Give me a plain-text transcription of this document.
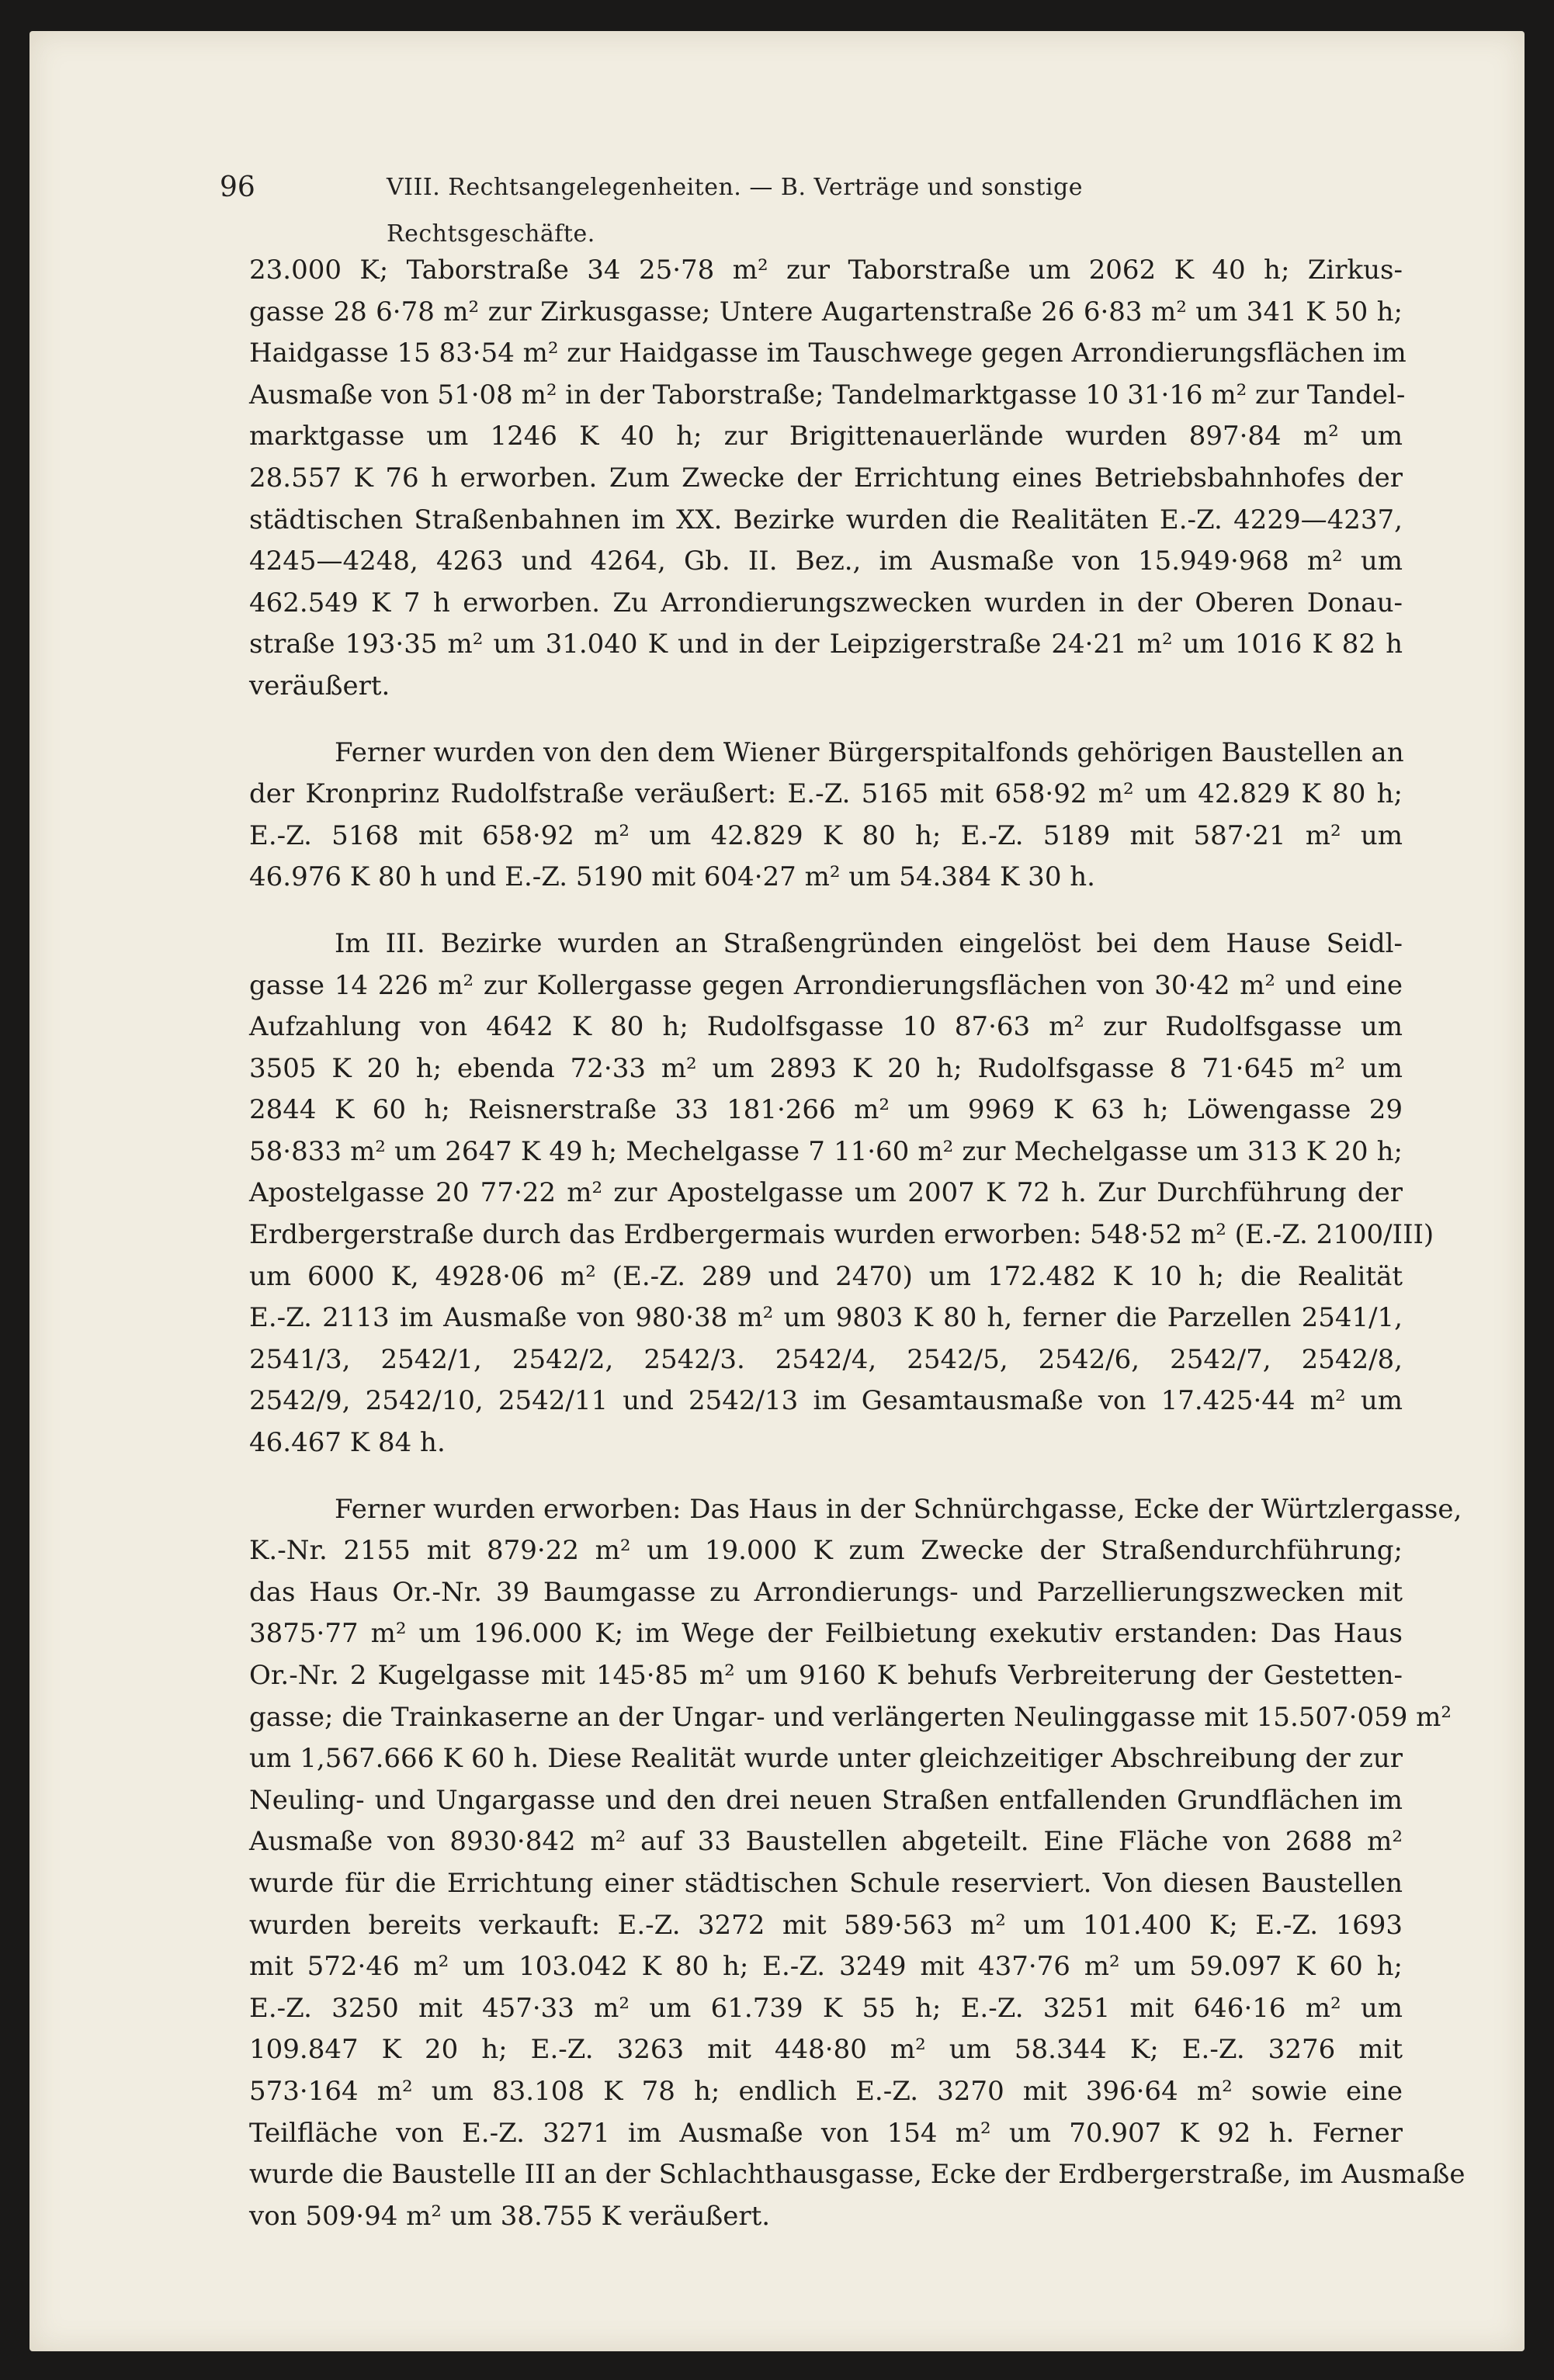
96	VIII. Rechtsangelegenheiten. — B. Verträge und sonstige Rechtsgeschäfte.
23.000 K; Taborstraße 34 25·78 m² zur Taborstraße um 2062 K 40 h; Zirkus-
gasse 28 6·78 m² zur Zirkusgasse; Untere Augartenstraße 26 6·83 m² um 341 K 50 h;
Haidgasse 15 83·54 m² zur Haidgasse im Tauschwege gegen Arrondierungsflächen im
Ausmaße von 51·08 m² in der Taborstraße; Tandelmarktgasse 10 31·16 m² zur Tandel-
marktgasse um 1246 K 40 h; zur Brigittenauerlände wurden 897·84 m² um
28.557 K 76 h erworben. Zum Zwecke der Errichtung eines Betriebsbahnhofes der
städtischen Straßenbahnen im XX. Bezirke wurden die Realitäten E.-Z. 4229—4237,
4245—4248, 4263 und 4264, Gb. II. Bez., im Ausmaße von 15.949·968 m² um
462.549 K 7 h erworben. Zu Arrondierungszwecken wurden in der Oberen Donau-
straße 193·35 m² um 31.040 K und in der Leipzigerstraße 24·21 m² um 1016 K 82 h
veräußert.
Ferner wurden von den dem Wiener Bürgerspitalfonds gehörigen Baustellen an
der Kronprinz Rudolfstraße veräußert: E.-Z. 5165 mit 658·92 m² um 42.829 K 80 h;
E.-Z. 5168 mit 658·92 m² um 42.829 K 80 h; E.-Z. 5189 mit 587·21 m² um
46.976 K 80 h und E.-Z. 5190 mit 604·27 m² um 54.384 K 30 h.
Im III. Bezirke wurden an Straßengründen eingelöst bei dem Hause Seidl-
gasse 14 226 m² zur Kollergasse gegen Arrondierungsflächen von 30·42 m² und eine
Aufzahlung von 4642 K 80 h; Rudolfsgasse 10 87·63 m² zur Rudolfsgasse um
3505 K 20 h; ebenda 72·33 m² um 2893 K 20 h; Rudolfsgasse 8 71·645 m² um
2844 K 60 h; Reisnerstraße 33 181·266 m² um 9969 K 63 h; Löwengasse 29
58·833 m² um 2647 K 49 h; Mechelgasse 7 11·60 m² zur Mechelgasse um 313 K 20 h;
Apostelgasse 20 77·22 m² zur Apostelgasse um 2007 K 72 h. Zur Durchführung der
Erdbergerstraße durch das Erdbergermais wurden erworben: 548·52 m² (E.-Z. 2100/III)
um 6000 K, 4928·06 m² (E.-Z. 289 und 2470) um 172.482 K 10 h; die Realität
E.-Z. 2113 im Ausmaße von 980·38 m² um 9803 K 80 h, ferner die Parzellen 2541/1,
2541/3, 2542/1, 2542/2, 2542/3. 2542/4, 2542/5, 2542/6, 2542/7, 2542/8,
2542/9, 2542/10, 2542/11 und 2542/13 im Gesamtausmaße von 17.425·44 m² um
46.467 K 84 h.
Ferner wurden erworben: Das Haus in der Schnürchgasse, Ecke der Würtzlergasse,
K.-Nr. 2155 mit 879·22 m² um 19.000 K zum Zwecke der Straßendurchführung;
das Haus Or.-Nr. 39 Baumgasse zu Arrondierungs- und Parzellierungszwecken mit
3875·77 m² um 196.000 K; im Wege der Feilbietung exekutiv erstanden: Das Haus
Or.-Nr. 2 Kugelgasse mit 145·85 m² um 9160 K behufs Verbreiterung der Gestetten-
gasse; die Trainkaserne an der Ungar- und verlängerten Neulinggasse mit 15.507·059 m²
um 1,567.666 K 60 h. Diese Realität wurde unter gleichzeitiger Abschreibung der zur
Neuling- und Ungargasse und den drei neuen Straßen entfallenden Grundflächen im
Ausmaße von 8930·842 m² auf 33 Baustellen abgeteilt. Eine Fläche von 2688 m²
wurde für die Errichtung einer städtischen Schule reserviert. Von diesen Baustellen
wurden bereits verkauft: E.-Z. 3272 mit 589·563 m² um 101.400 K; E.-Z. 1693
mit 572·46 m² um 103.042 K 80 h; E.-Z. 3249 mit 437·76 m² um 59.097 K 60 h;
E.-Z. 3250 mit 457·33 m² um 61.739 K 55 h; E.-Z. 3251 mit 646·16 m² um
109.847 K 20 h; E.-Z. 3263 mit 448·80 m² um 58.344 K; E.-Z. 3276 mit
573·164 m² um 83.108 K 78 h; endlich E.-Z. 3270 mit 396·64 m² sowie eine
Teilfläche von E.-Z. 3271 im Ausmaße von 154 m² um 70.907 K 92 h. Ferner
wurde die Baustelle III an der Schlachthausgasse, Ecke der Erdbergerstraße, im Ausmaße
von 509·94 m² um 38.755 K veräußert.
